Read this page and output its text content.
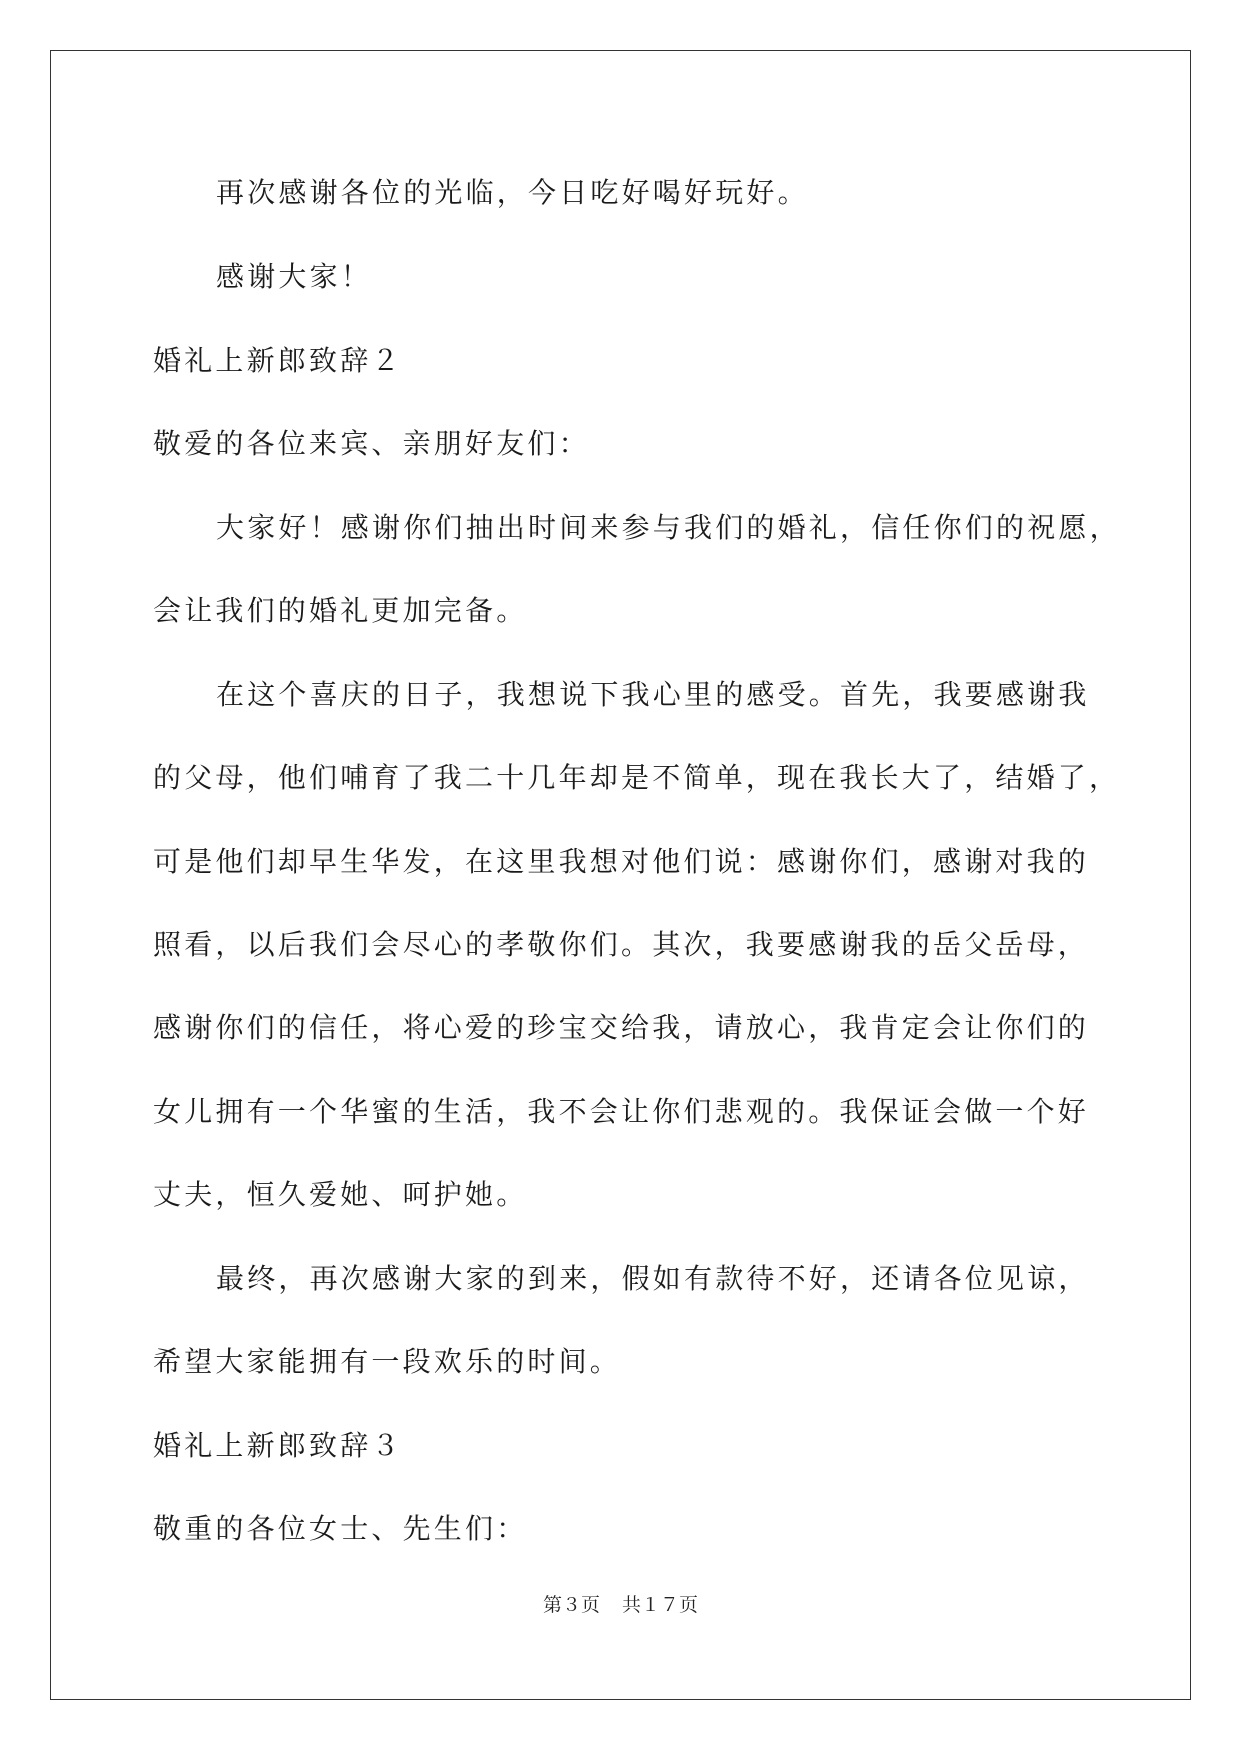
再次感谢各位的光临，今日吃好喝好玩好。
感谢大家！
婚礼上新郎致辞２
敬爱的各位来宾、亲朋好友们：
大家好！感谢你们抽出时间来参与我们的婚礼，信任你们的祝愿，
会让我们的婚礼更加完备。
在这个喜庆的日子，我想说下我心里的感受。首先，我要感谢我
的父母，他们哺育了我二十几年却是不简单，现在我长大了，结婚了，
可是他们却早生华发，在这里我想对他们说：感谢你们，感谢对我的
照看，以后我们会尽心的孝敬你们。其次，我要感谢我的岳父岳母，
感谢你们的信任，将心爱的珍宝交给我，请放心，我肯定会让你们的
女儿拥有一个华蜜的生活，我不会让你们悲观的。我保证会做一个好
丈夫，恒久爱她、呵护她。
最终，再次感谢大家的到来，假如有款待不好，还请各位见谅，
希望大家能拥有一段欢乐的时间。
婚礼上新郎致辞３
敬重的各位女士、先生们：
第３页 共１７页
